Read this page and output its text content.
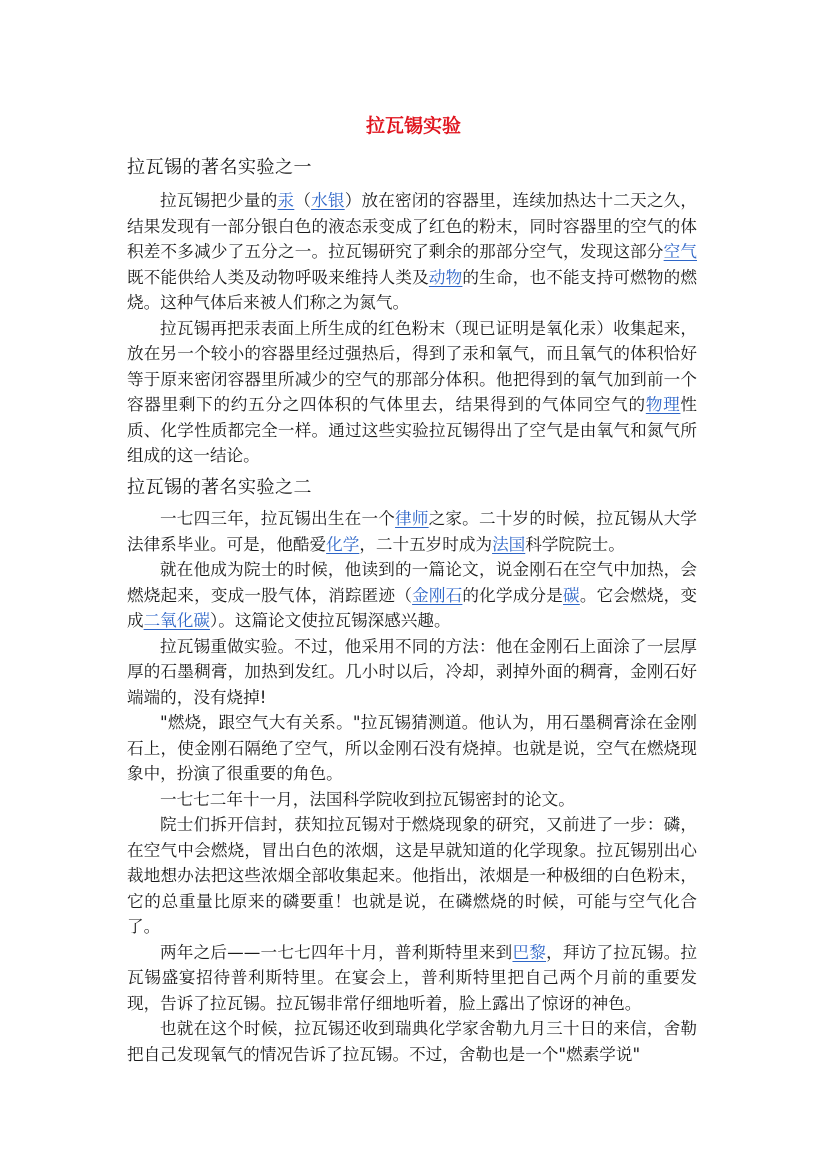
拉瓦锡实验
拉瓦锡的著名实验之一

拉瓦锡把少量的汞（水银）放在密闭的容器里，连续加热达十二天之久，结果发现有一部分银白色的液态汞变成了红色的粉末，同时容器里的空气的体积差不多减少了五分之一。拉瓦锡研究了剩余的那部分空气，发现这部分空气既不能供给人类及动物呼吸来维持人类及动物的生命，也不能支持可燃物的燃烧。这种气体后来被人们称之为氮气。

拉瓦锡再把汞表面上所生成的红色粉末（现已证明是氧化汞）收集起来，放在另一个较小的容器里经过强热后，得到了汞和氧气，而且氧气的体积恰好等于原来密闭容器里所减少的空气的那部分体积。他把得到的氧气加到前一个容器里剩下的约五分之四体积的气体里去，结果得到的气体同空气的物理性质、化学性质都完全一样。通过这些实验拉瓦锡得出了空气是由氧气和氮气所组成的这一结论。

拉瓦锡的著名实验之二

一七四三年，拉瓦锡出生在一个律师之家。二十岁的时候，拉瓦锡从大学法律系毕业。可是，他酷爱化学，二十五岁时成为法国科学院院士。

就在他成为院士的时候，他读到的一篇论文，说金刚石在空气中加热，会燃烧起来，变成一股气体，消踪匿迹（金刚石的化学成分是碳。它会燃烧，变成二氧化碳）。这篇论文使拉瓦锡深感兴趣。

拉瓦锡重做实验。不过，他采用不同的方法：他在金刚石上面涂了一层厚厚的石墨稠膏，加热到发红。几小时以后，冷却，剥掉外面的稠膏，金刚石好端端的，没有烧掉!

"燃烧，跟空气大有关系。"拉瓦锡猜测道。他认为，用石墨稠膏涂在金刚石上，使金刚石隔绝了空气，所以金刚石没有烧掉。也就是说，空气在燃烧现象中，扮演了很重要的角色。

一七七二年十一月，法国科学院收到拉瓦锡密封的论文。

院士们拆开信封，获知拉瓦锡对于燃烧现象的研究，又前进了一步：磷，在空气中会燃烧，冒出白色的浓烟，这是早就知道的化学现象。拉瓦锡别出心裁地想办法把这些浓烟全部收集起来。他指出，浓烟是一种极细的白色粉末，它的总重量比原来的磷要重！也就是说，在磷燃烧的时候，可能与空气化合了。

两年之后——一七七四年十月，普利斯特里来到巴黎，拜访了拉瓦锡。拉瓦锡盛宴招待普利斯特里。在宴会上，普利斯特里把自己两个月前的重要发现，告诉了拉瓦锡。拉瓦锡非常仔细地听着，脸上露出了惊讶的神色。

也就在这个时候，拉瓦锡还收到瑞典化学家舍勒九月三十日的来信，舍勒把自己发现氧气的情况告诉了拉瓦锡。不过，舍勒也是一个"燃素学说"
